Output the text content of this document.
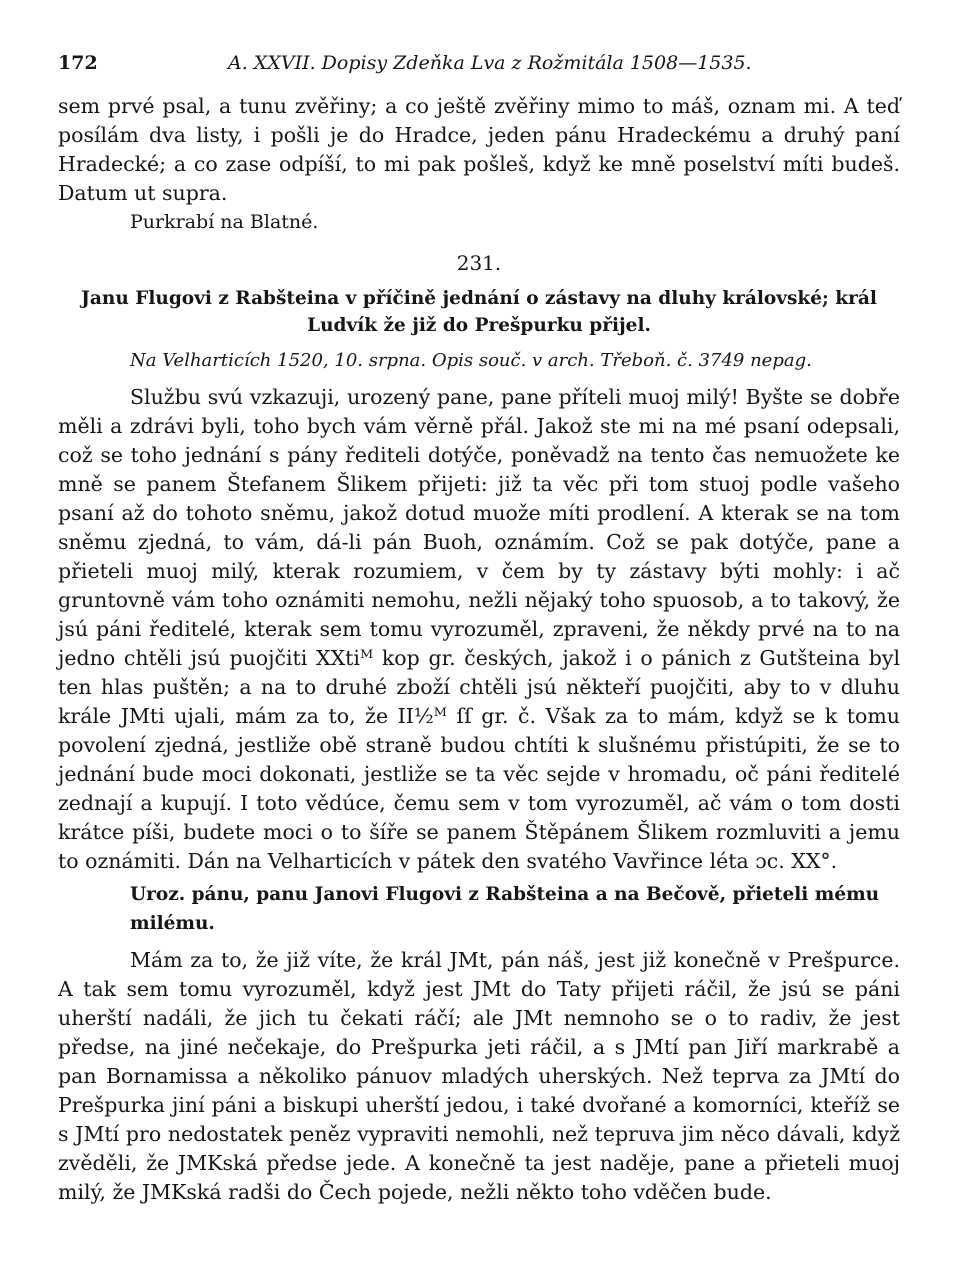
172	A. XXVII. Dopisy Zdeňka Lva z Rožmitála 1508—1535.

sem prvé psal, a tunu zvěřiny; a co ještě zvěřiny mimo to máš, oznam mi. A teď posílám dva listy, i pošli je do Hradce, jeden pánu Hradeckému a druhý paní Hradecké; a co zase odpíší, to mi pak pošleš, když ke mně poselství míti budeš. Datum ut supra.

Purkrabí na Blatné.

231.

Janu Flugovi z Rabšteina v příčině jednání o zástavy na dluhy královské; král Ludvík že již do Prešpurku přijel.

Na Velharticích 1520, 10. srpna. Opis souč. v arch. Třeboň. č. 3749 nepag.

Službu svú vzkazuji, urozený pane, pane příteli muoj milý! Byšte se dobře měli a zdrávi byli, toho bych vám věrně přál. Jakož ste mi na mé psaní odepsali, což se toho jednání s pány řediteli dotýče, poněvadž na tento čas nemuožete ke mně se panem Štefanem Šlikem přijeti: již ta věc při tom stuoj podle vašeho psaní až do tohoto sněmu, jakož dotud muože míti prodlení. A kterak se na tom sněmu zjedná, to vám, dá-li pán Buoh, oznámím. Což se pak dotýče, pane a přieteli muoj milý, kterak rozumiem, v čem by ty zástavy býti mohly: i ač gruntovně vám toho oznámiti nemohu, nežli nějaký toho spuosob, a to takový, že jsú páni ředitelé, kterak sem tomu vyrozuměl, zpraveni, že někdy prvé na to na jedno chtěli jsú puojčiti XXtiᴹ kop gr. českých, jakož i o pánich z Gutšteina byl ten hlas puštěn; a na to druhé zboží chtěli jsú někteří puojčiti, aby to v dluhu krále JMti ujali, mám za to, že II½ᴹ ſſ gr. č. Však za to mám, když se k tomu povolení zjedná, jestliže obě straně budou chtíti k slušnému přistúpiti, že se to jednání bude moci dokonati, jestliže se ta věc sejde v hromadu, oč páni ředitelé zednají a kupují. I toto vědúce, čemu sem v tom vyrozuměl, ač vám o tom dosti krátce píši, budete moci o to šíře se panem Štěpánem Šlikem rozmluviti a jemu to oznámiti. Dán na Velharticích v pátek den svatého Vavřince léta ɔc. XX°.

Uroz. pánu, panu Janovi Flugovi z Rabšteina a na Bečově, přieteli mému milému.

Mám za to, že již víte, že král JMt, pán náš, jest již konečně v Prešpurce. A tak sem tomu vyrozuměl, když jest JMt do Taty přijeti ráčil, že jsú se páni uherští nadáli, že jich tu čekati ráčí; ale JMt nemnoho se o to radiv, že jest předse, na jiné nečekaje, do Prešpurka jeti ráčil, a s JMtí pan Jiří markrabě a pan Bornamissa a několiko pánuov mladých uherských. Než teprva za JMtí do Prešpurka jiní páni a biskupi uherští jedou, i také dvořané a komorníci, kteříž se s JMtí pro nedostatek peněz vypraviti nemohli, než tepruva jim něco dávali, když zvěděli, že JMKská předse jede. A konečně ta jest naděje, pane a přieteli muoj milý, že JMKská radši do Čech pojede, nežli někto toho vděčen bude.
